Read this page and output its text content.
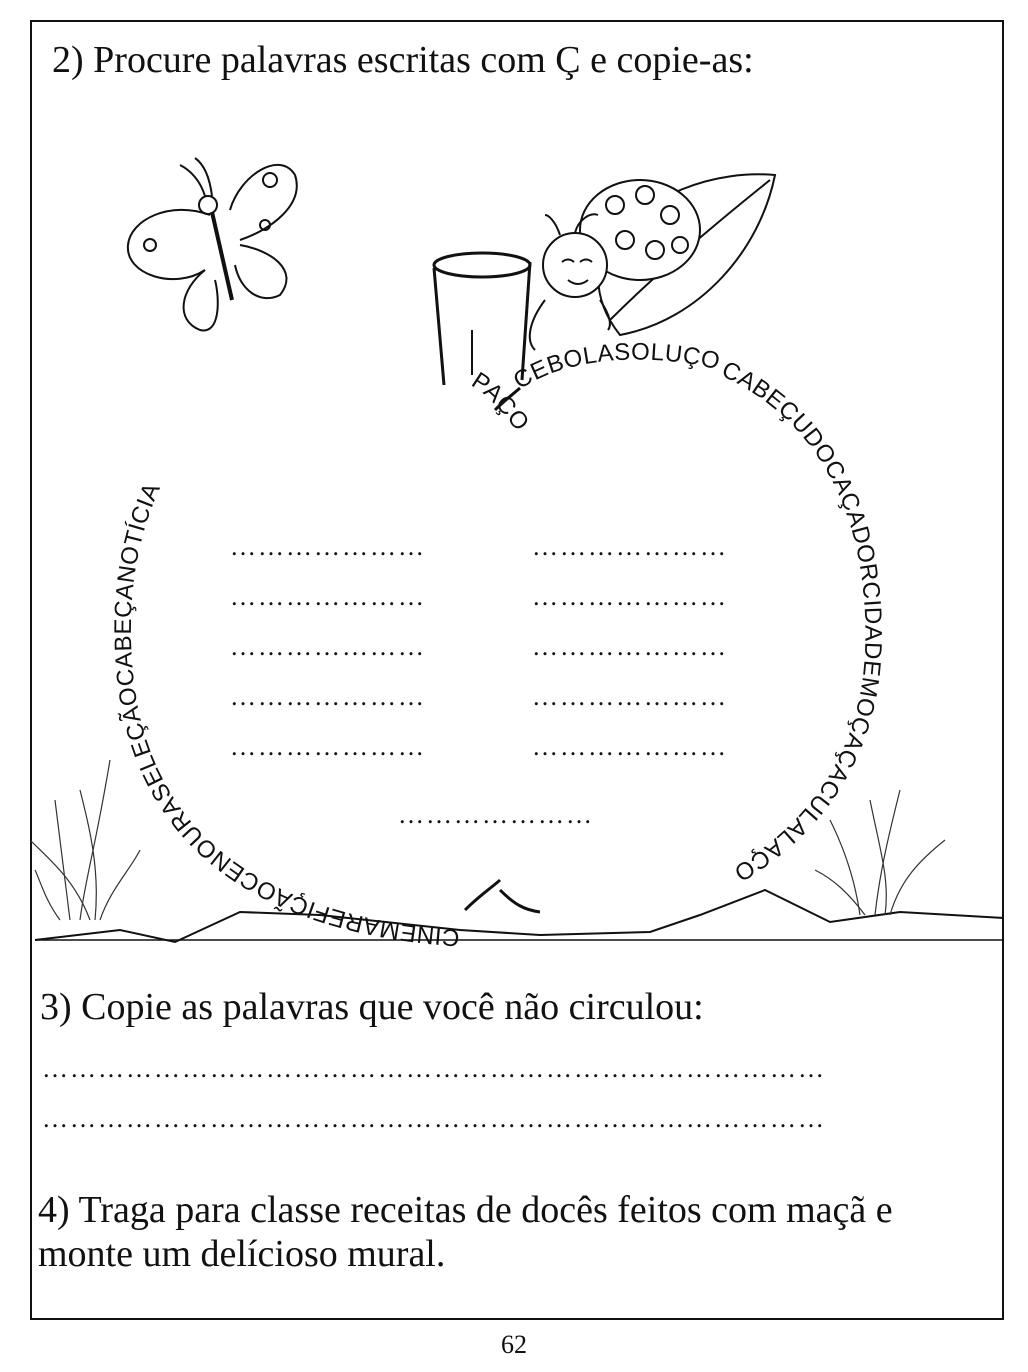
2) Procure palavras escritas com Ç e copie-as:
CINEMAREFIÇÃOCENOURASELEÇÃOCABEÇANOTÍCIA
PAÇO
CEBOLASOLUÇO
CABEÇUDOCAÇADORCIDADEMOÇAÇACULALAÇO
…………………	…………………
…………………	…………………
…………………	…………………
…………………	…………………
…………………	…………………
…………………
3) Copie as palavras que você não circulou:
…………………………………………………………………………
…………………………………………………………………………
4) Traga para classe receitas de docês feitos com maçã e monte um delícioso mural.
62
